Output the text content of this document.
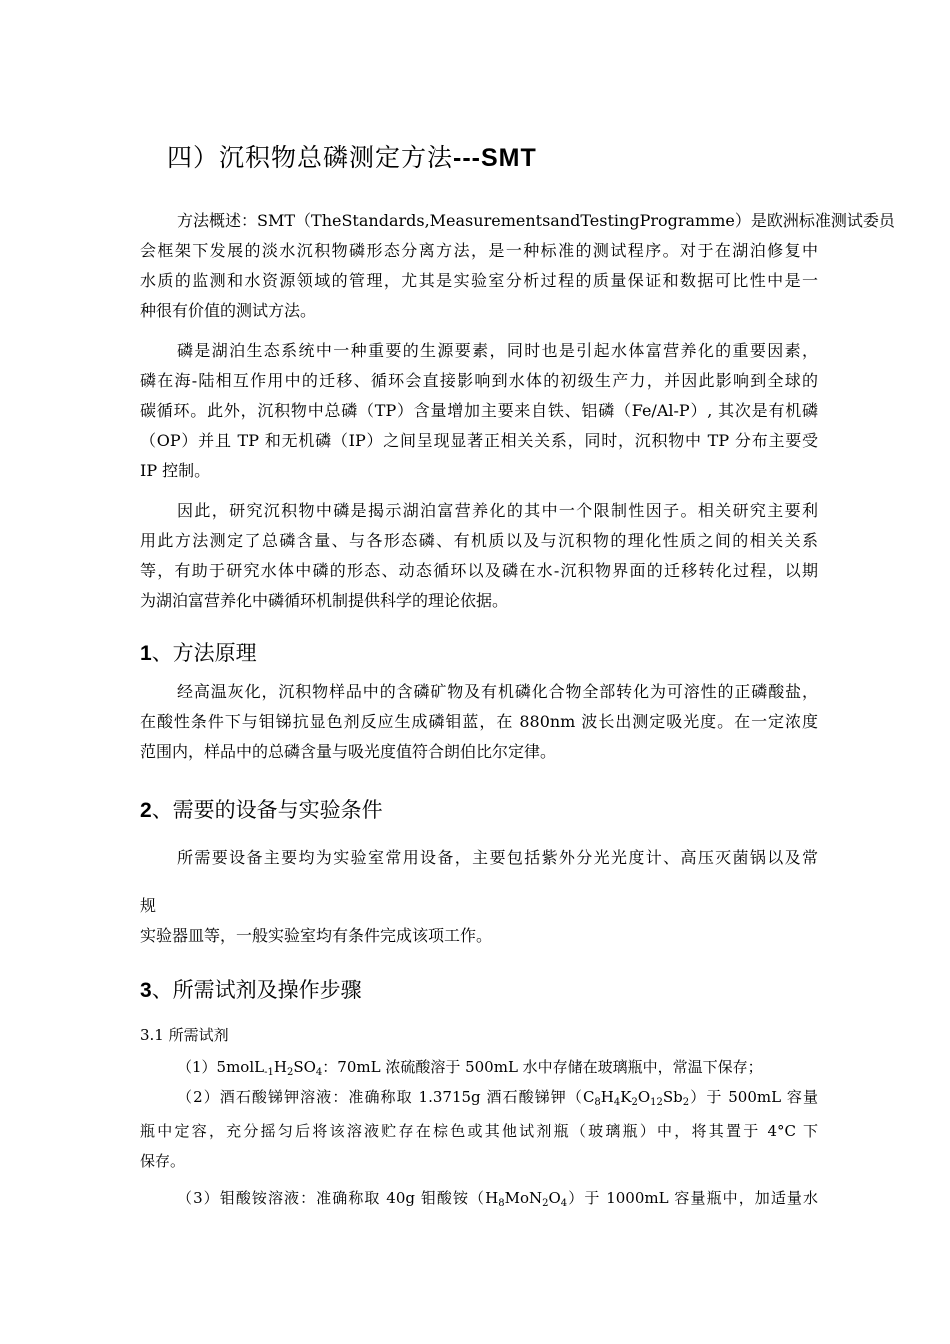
四）沉积物总磷测定方法---SMT
方法概述：SMT（TheStandards,MeasurementsandTestingProgramme）是欧洲标准测试委员
会框架下发展的淡水沉积物磷形态分离方法，是一种标准的测试程序。对于在湖泊修复中
水质的监测和水资源领域的管理，尤其是实验室分析过程的质量保证和数据可比性中是一
种很有价值的测试方法。
磷是湖泊生态系统中一种重要的生源要素，同时也是引起水体富营养化的重要因素，
磷在海-陆相互作用中的迁移、循环会直接影响到水体的初级生产力，并因此影响到全球的
碳循环。此外，沉积物中总磷（TP）含量增加主要来自铁、铝磷（Fe/Al-P）, 其次是有机磷
（OP）并且 TP 和无机磷（IP）之间呈现显著正相关关系，同时，沉积物中 TP 分布主要受
IP 控制。
因此，研究沉积物中磷是揭示湖泊富营养化的其中一个限制性因子。相关研究主要利
用此方法测定了总磷含量、与各形态磷、有机质以及与沉积物的理化性质之间的相关关系
等，有助于研究水体中磷的形态、动态循环以及磷在水-沉积物界面的迁移转化过程，以期
为湖泊富营养化中磷循环机制提供科学的理论依据。
1、方法原理
经高温灰化，沉积物样品中的含磷矿物及有机磷化合物全部转化为可溶性的正磷酸盐，
在酸性条件下与钼锑抗显色剂反应生成磷钼蓝，在 880nm 波长出测定吸光度。在一定浓度
范围内，样品中的总磷含量与吸光度值符合朗伯比尔定律。
2、需要的设备与实验条件
所需要设备主要均为实验室常用设备，主要包括紫外分光光度计、高压灭菌锅以及常
规
实验器皿等，一般实验室均有条件完成该项工作。
3、所需试剂及操作步骤
3.1 所需试剂
$(1)5molL_{-1}H_2SO_4$：70mL 浓硫酸溶于 500mL 水中存储在玻璃瓶中，常温下保存；
（2）酒石酸锑钾溶液：准确称取 1.3715g 酒石酸锑钾$(C_8H_4K_2O_{12}Sb_2)$于 500mL 容量
瓶中定容，充分摇匀后将该溶液贮存在棕色或其他试剂瓶（玻璃瓶）中，将其置于 4°C 下
保存。
（3）钼酸铵溶液：准确称取 40g 钼酸铵$(H_8MoN_2O_4)$于 1000mL 容量瓶中，加适量水
